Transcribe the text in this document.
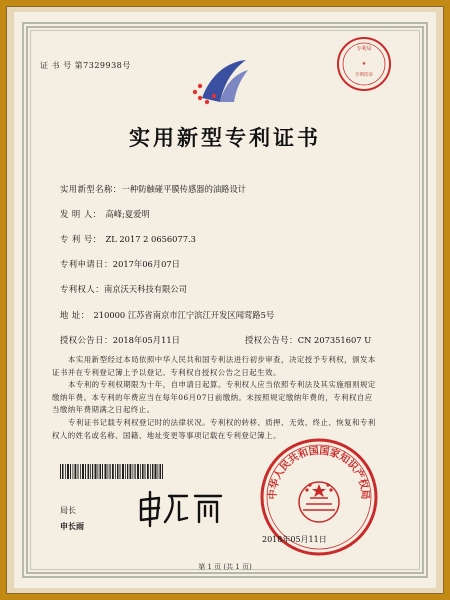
证 书 号 第7329938号
专利局
★
专利印章
实用新型专利证书
实用新型名称：一种防触碰平膜传感器的油路设计
发 明 人： 高峰;夏爱明
专 利 号： ZL 2017 2 0656077.3
专利申请日：2017年06月07日
专利权人：南京沃天科技有限公司
地 址： 210000 江苏省南京市江宁滨江开发区闻莺路5号
授权公告日：2018年05月11日	授权公告号：CN 207351607 U
本实用新型经过本局依照中华人民共和国专利法进行初步审查，决定授予专利权，颁发本证书并在专利登记簿上予以登记。专利权自授权公告之日起生效。
本专利的专利权期限为十年，自申请日起算。专利权人应当依照专利法及其实施细则规定缴纳年费。本专利的年费应当在每年06月07日前缴纳。未按照规定缴纳年费的，专利权自应当缴纳年费期满之日起终止。
专利证书记载专利权登记时的法律状况。专利权的转移、质押、无效、终止、恢复和专利权人的姓名或名称、国籍、地址变更等事项记载在专利登记簿上。
局长
申长雨
中华人民共和国国家知识产权局
2018年05月11日
第 1 页 (共 1 页)
